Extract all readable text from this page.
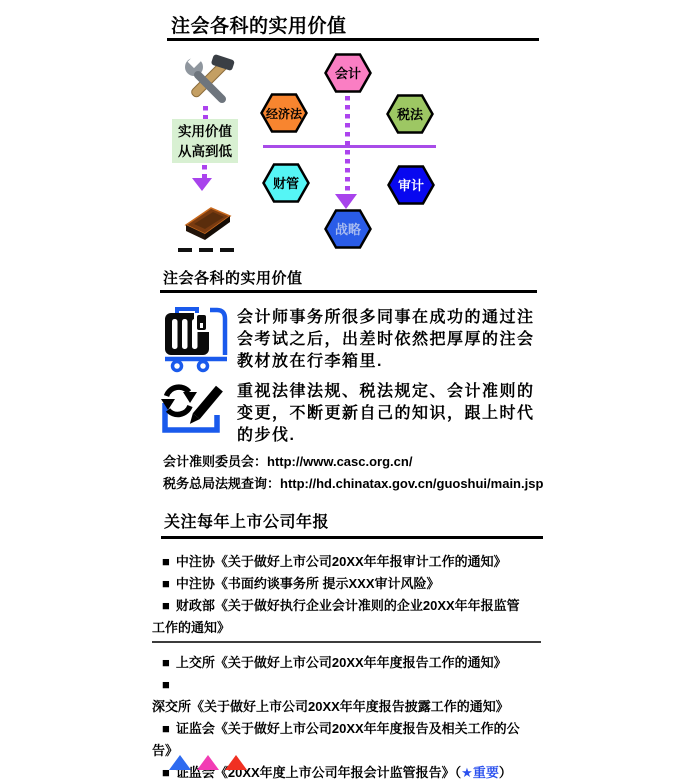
注会各科的实用价值
实用价值
从高到低
会计
经济法	税法
财管	审计
战略
注会各科的实用价值
会计师事务所很多同事在成功的通过注
会考试之后，出差时依然把厚厚的注会
教材放在行李箱里.
重视法律法规、税法规定、会计准则的
变更，不断更新自己的知识，跟上时代
的步伐.
会计准则委员会：http://www.casc.org.cn/
税务总局法规查询：http://hd.chinatax.gov.cn/guoshui/main.jsp
关注每年上市公司年报
■ 中注协《关于做好上市公司20XX年年报审计工作的通知》
■ 中注协《书面约谈事务所 提示XXX审计风险》
■ 财政部《关于做好执行企业会计准则的企业20XX年年报监管工作的通知》
■ 上交所《关于做好上市公司20XX年年度报告工作的通知》
■深交所《关于做好上市公司20XX年年度报告披露工作的通知》
■ 证监会《关于做好上市公司20XX年年度报告及相关工作的公告》
■ 证监会《20XX年度上市公司年报会计监管报告》（★重要）
